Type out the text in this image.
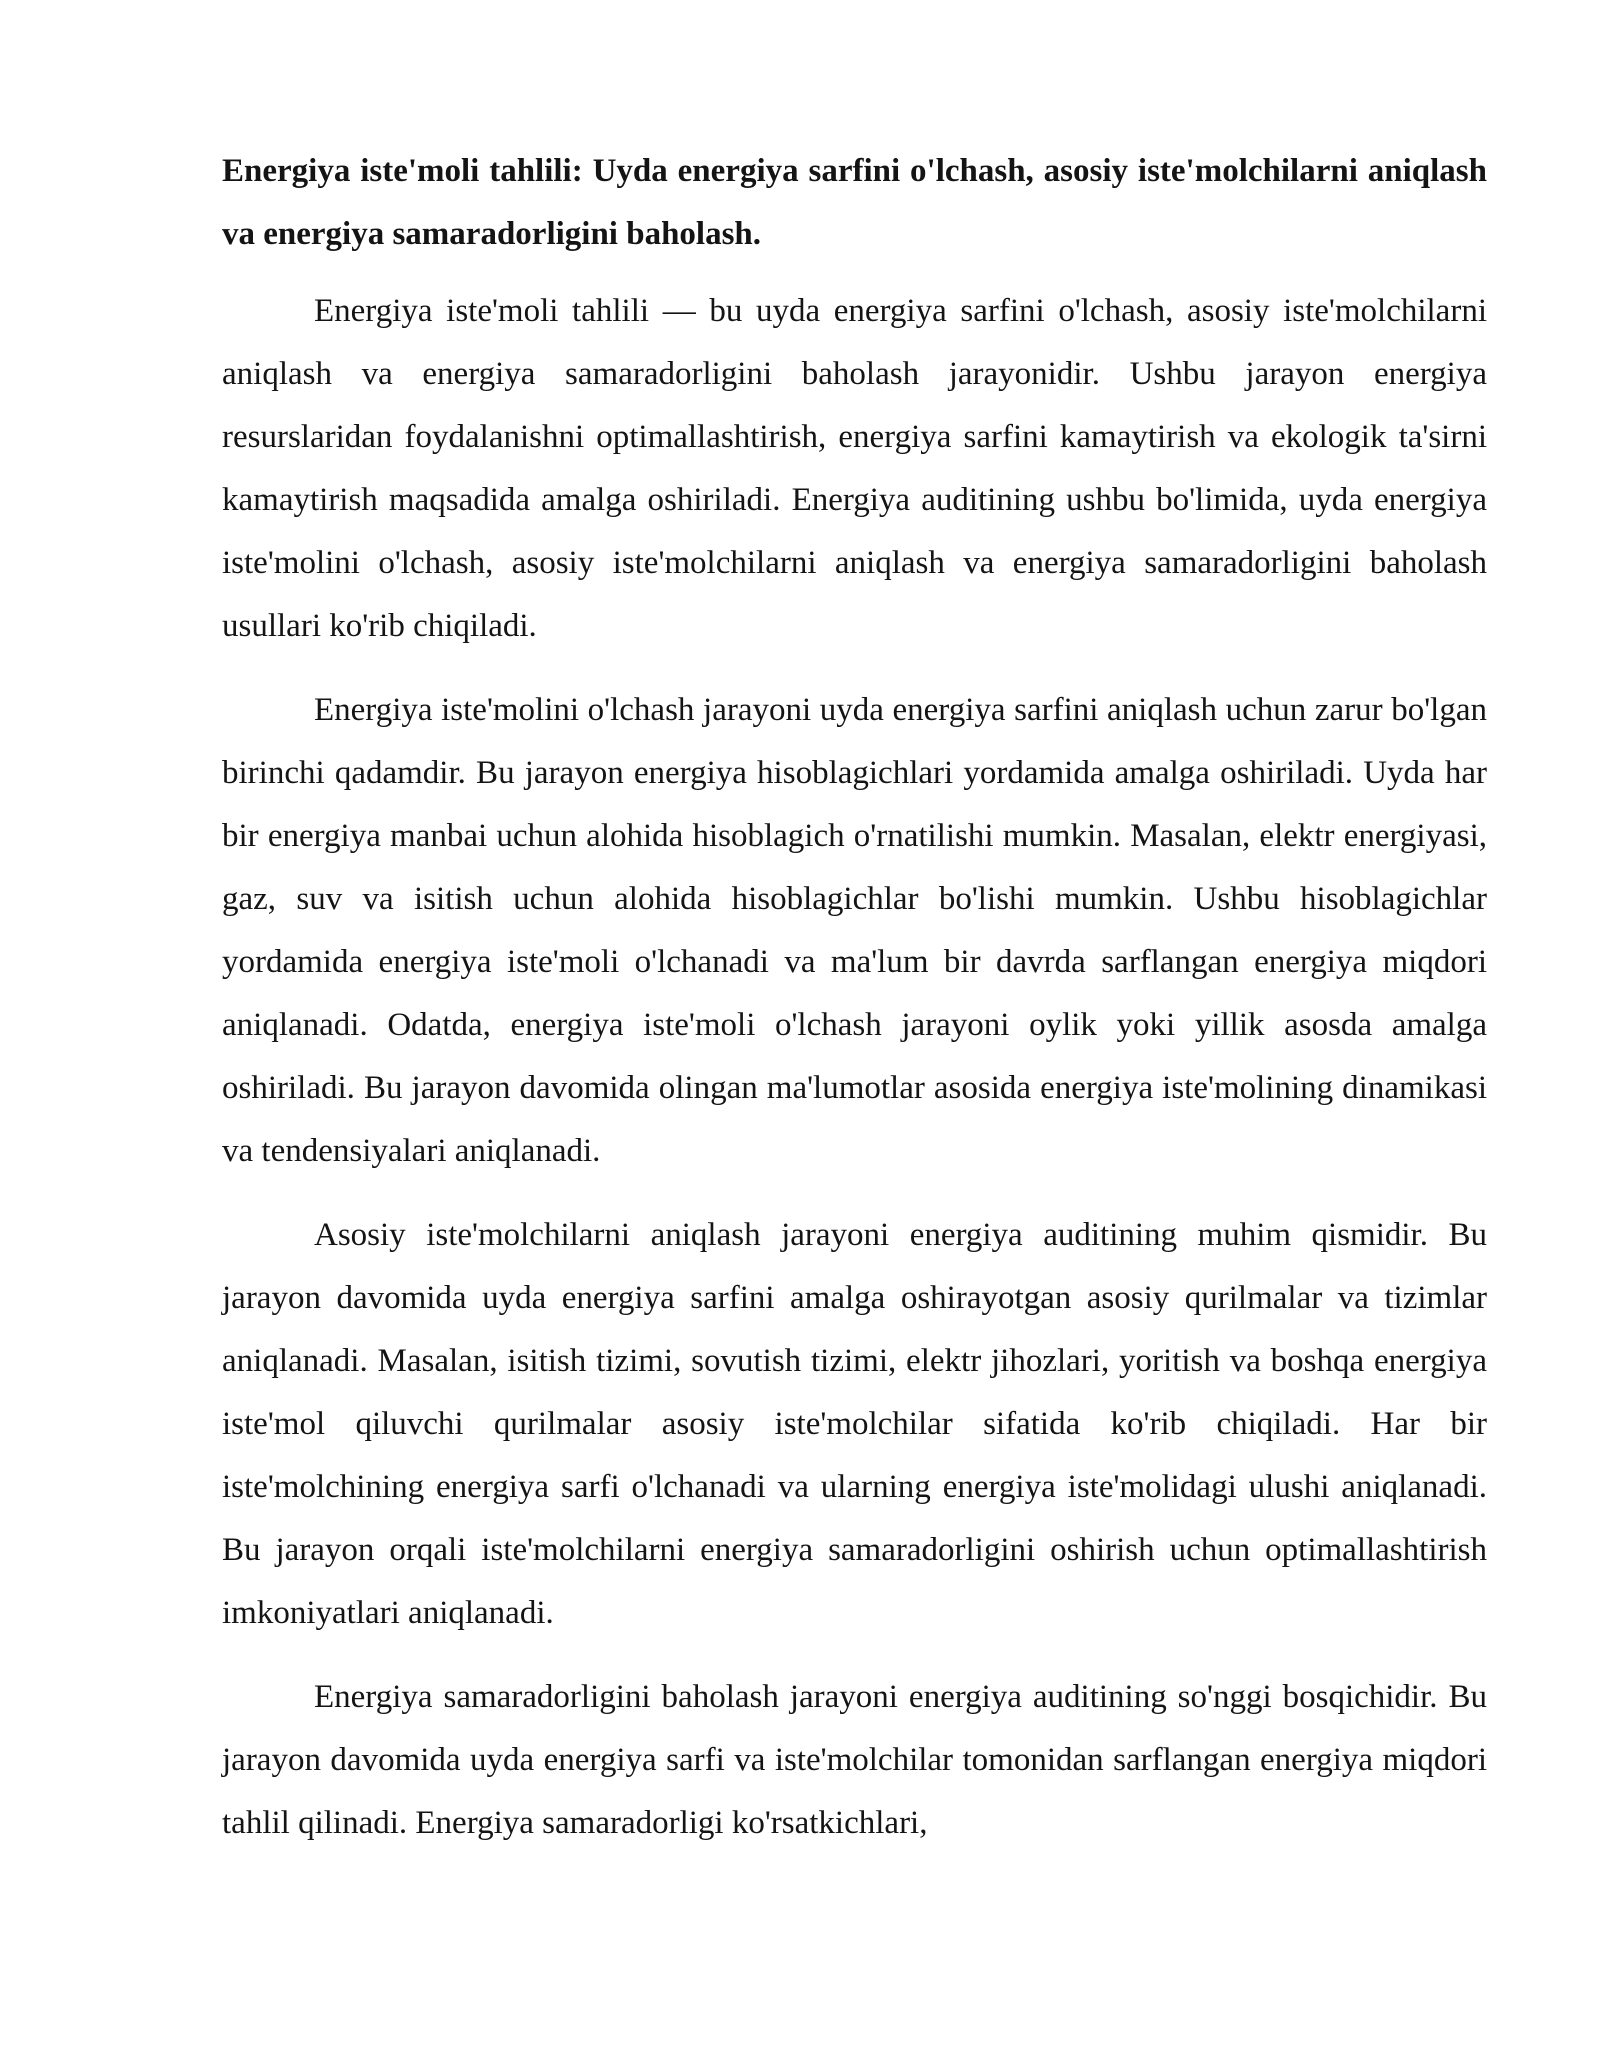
Energiya iste'moli tahlili: Uyda energiya sarfini o'lchash, asosiy iste'molchilarni aniqlash va energiya samaradorligini baholash.

Energiya iste'moli tahlili — bu uyda energiya sarfini o'lchash, asosiy iste'molchilarni aniqlash va energiya samaradorligini baholash jarayonidir. Ushbu jarayon energiya resurslaridan foydalanishni optimallashtirish, energiya sarfini kamaytirish va ekologik ta'sirni kamaytirish maqsadida amalga oshiriladi. Energiya auditining ushbu bo'limida, uyda energiya iste'molini o'lchash, asosiy iste'molchilarni aniqlash va energiya samaradorligini baholash usullari ko'rib chiqiladi.

Energiya iste'molini o'lchash jarayoni uyda energiya sarfini aniqlash uchun zarur bo'lgan birinchi qadamdir. Bu jarayon energiya hisoblagichlari yordamida amalga oshiriladi. Uyda har bir energiya manbai uchun alohida hisoblagich o'rnatilishi mumkin. Masalan, elektr energiyasi, gaz, suv va isitish uchun alohida hisoblagichlar bo'lishi mumkin. Ushbu hisoblagichlar yordamida energiya iste'moli o'lchanadi va ma'lum bir davrda sarflangan energiya miqdori aniqlanadi. Odatda, energiya iste'moli o'lchash jarayoni oylik yoki yillik asosda amalga oshiriladi. Bu jarayon davomida olingan ma'lumotlar asosida energiya iste'molining dinamikasi va tendensiyalari aniqlanadi.

Asosiy iste'molchilarni aniqlash jarayoni energiya auditining muhim qismidir. Bu jarayon davomida uyda energiya sarfini amalga oshirayotgan asosiy qurilmalar va tizimlar aniqlanadi. Masalan, isitish tizimi, sovutish tizimi, elektr jihozlari, yoritish va boshqa energiya iste'mol qiluvchi qurilmalar asosiy iste'molchilar sifatida ko'rib chiqiladi. Har bir iste'molchining energiya sarfi o'lchanadi va ularning energiya iste'molidagi ulushi aniqlanadi. Bu jarayon orqali iste'molchilarni energiya samaradorligini oshirish uchun optimallashtirish imkoniyatlari aniqlanadi.

Energiya samaradorligini baholash jarayoni energiya auditining so'nggi bosqichidir. Bu jarayon davomida uyda energiya sarfi va iste'molchilar tomonidan sarflangan energiya miqdori tahlil qilinadi. Energiya samaradorligi ko'rsatkichlari,
